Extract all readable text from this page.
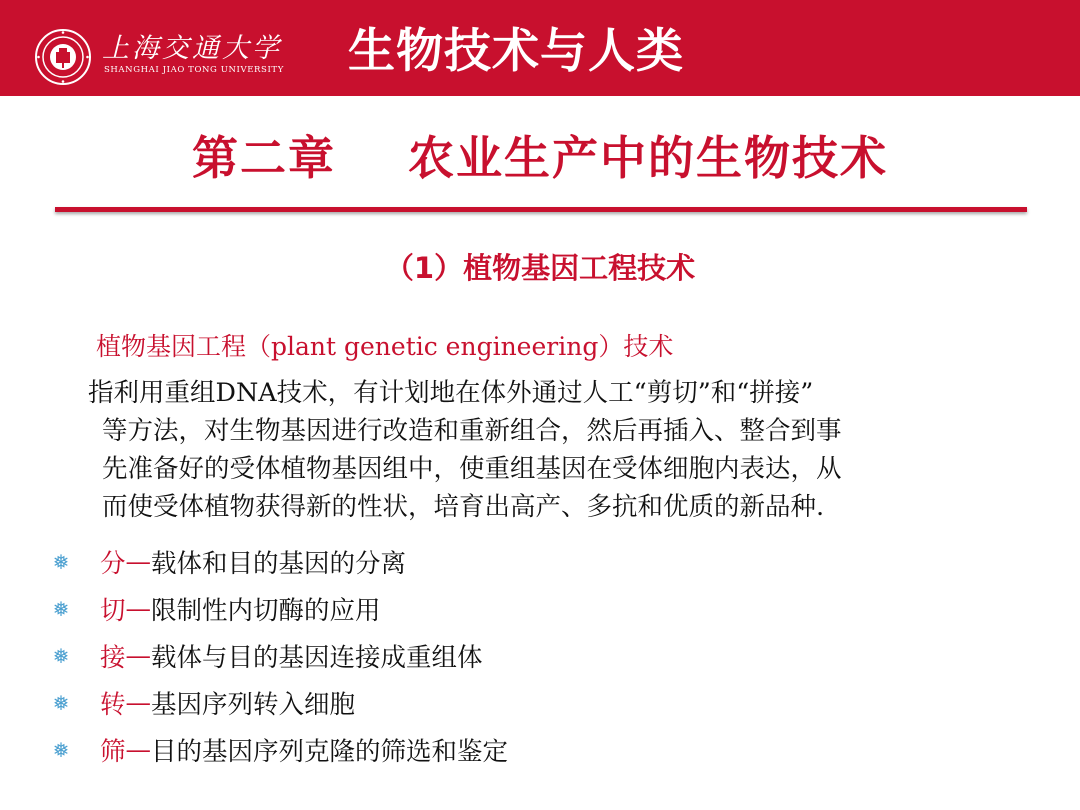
上海交通大学
SHANGHAI JIAO TONG UNIVERSITY 生物技术与人类
第二章    农业生产中的生物技术
（1）植物基因工程技术
植物基因工程（plant genetic engineering）技术
指利用重组DNA技术，有计划地在体外通过人工“剪切”和“拼接”
等方法，对生物基因进行改造和重新组合，然后再插入、整合到事
先准备好的受体植物基因组中，使重组基因在受体细胞内表达，从
而使受体植物获得新的性状，培育出高产、多抗和优质的新品种.
❅ 分 — 载体和目的基因的分离
❅ 切 — 限制性内切酶的应用
❅ 接 — 载体与目的基因连接成重组体
❅ 转 — 基因序列转入细胞
❅ 筛 — 目的基因序列克隆的筛选和鉴定
